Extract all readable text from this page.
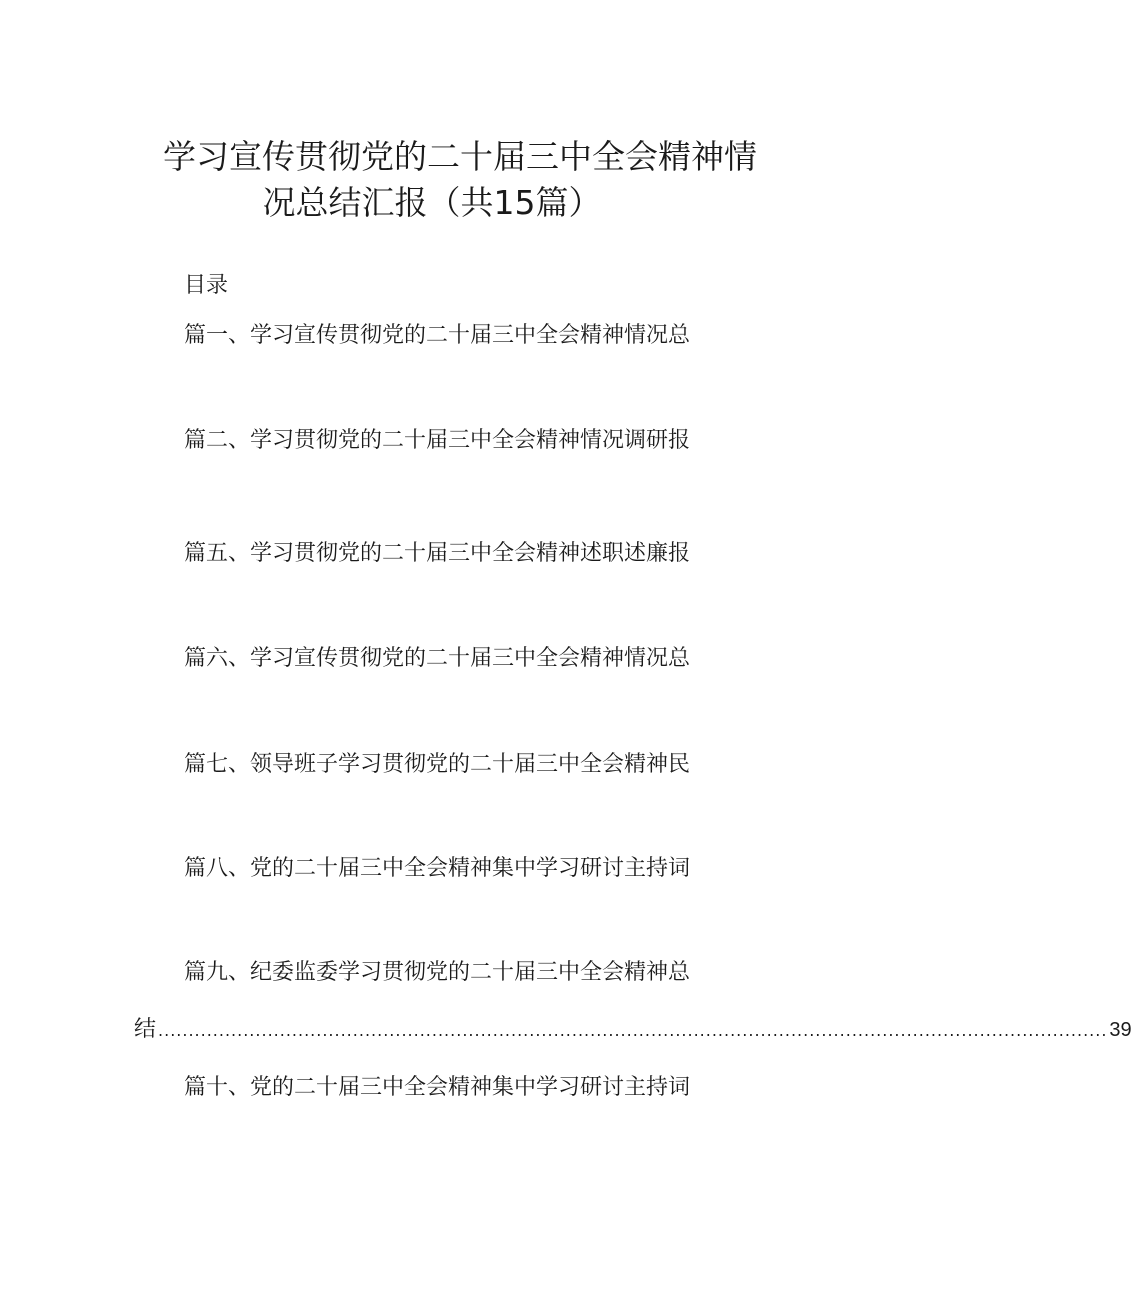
学习宣传贯彻党的二十届三中全会精神情
况总结汇报（共15篇）
目录
篇一、学习宣传贯彻党的二十届三中全会精神情况总
篇二、学习贯彻党的二十届三中全会精神情况调研报
篇五、学习贯彻党的二十届三中全会精神述职述廉报
篇六、学习宣传贯彻党的二十届三中全会精神情况总
篇七、领导班子学习贯彻党的二十届三中全会精神民
篇八、党的二十届三中全会精神集中学习研讨主持词
篇九、纪委监委学习贯彻党的二十届三中全会精神总
结 ............................................................................................................................................................ 39
篇十、党的二十届三中全会精神集中学习研讨主持词
